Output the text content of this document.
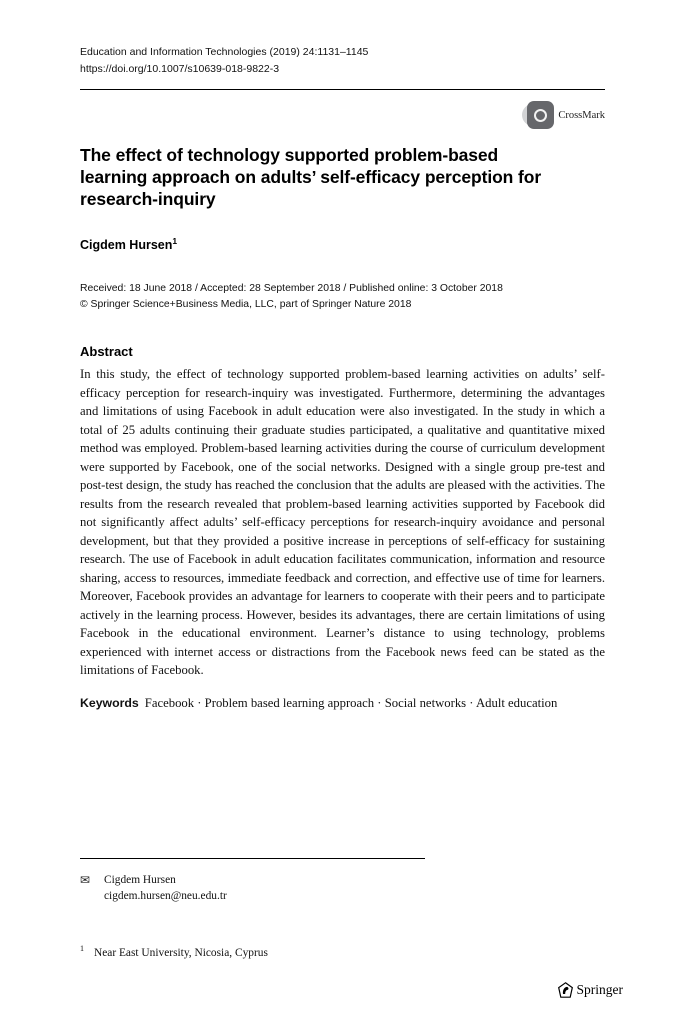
Education and Information Technologies (2019) 24:1131–1145
https://doi.org/10.1007/s10639-018-9822-3
CrossMark
The effect of technology supported problem-based learning approach on adults’ self-efficacy perception for research-inquiry
Cigdem Hursen$^1$
Received: 18 June 2018 / Accepted: 28 September 2018 / Published online: 3 October 2018
© Springer Science+Business Media, LLC, part of Springer Nature 2018
Abstract

In this study, the effect of technology supported problem-based learning activities on adults’ self-efficacy perception for research-inquiry was investigated. Furthermore, determining the advantages and limitations of using Facebook in adult education were also investigated. In the study in which a total of 25 adults continuing their graduate studies participated, a qualitative and quantitative mixed method was employed. Problem-based learning activities during the course of curriculum development were supported by Facebook, one of the social networks. Designed with a single group pre-test and post-test design, the study has reached the conclusion that the adults are pleased with the activities. The results from the research revealed that problem-based learning activities supported by Facebook did not significantly affect adults’ self-efficacy perceptions for research-inquiry avoidance and personal development, but that they provided a positive increase in perceptions of self-efficacy for sustaining research. The use of Facebook in adult education facilitates communication, information and resource sharing, access to resources, immediate feedback and correction, and effective use of time for learners. Moreover, Facebook provides an advantage for learners to cooperate with their peers and to participate actively in the learning process. However, besides its advantages, there are certain limitations of using Facebook in the educational environment. Learner’s distance to using technology, problems experienced with internet access or distractions from the Facebook news feed can be stated as the limitations of Facebook.

Keywords Facebook · Problem based learning approach · Social networks · Adult education

✉	Cigdem Hursen
cigdem.hursen@neu.edu.tr
$^1$ Near East University, Nicosia, Cyprus
Springer
